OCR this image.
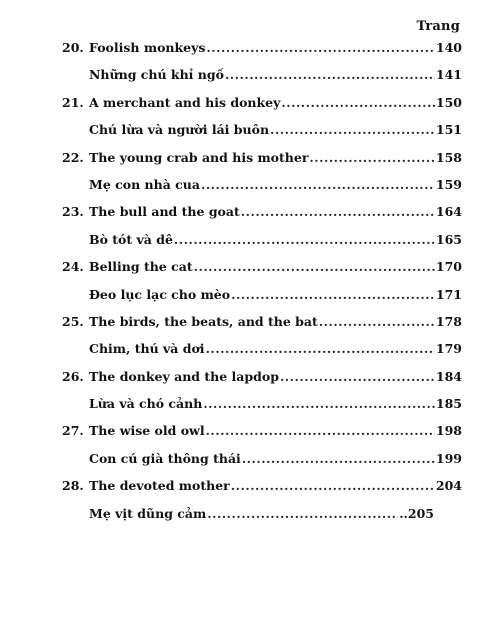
Trang
20. Foolish monkeys .....	140
Những chú khỉ ngố .....	141
21. A merchant and his donkey .....	150
Chú lừa và người lái buôn .....	151
22. The young crab and his mother .....	158
Mẹ con nhà cua .....	159
23. The bull and the goat .....	164
Bò tót và dê .....	165
24. Belling the cat .....	170
Đeo lục lạc cho mèo .....	171
25. The birds, the beats, and the bat .....	178
Chim, thú và dơi .....	179
26. The donkey and the lapdop .....	184
Lừa và chó cảnh .....	185
27. The wise old owl .....	198
Con cú già thông thái .....	199
28. The devoted mother .....	204
Mẹ vịt dũng cảm .....	..205
